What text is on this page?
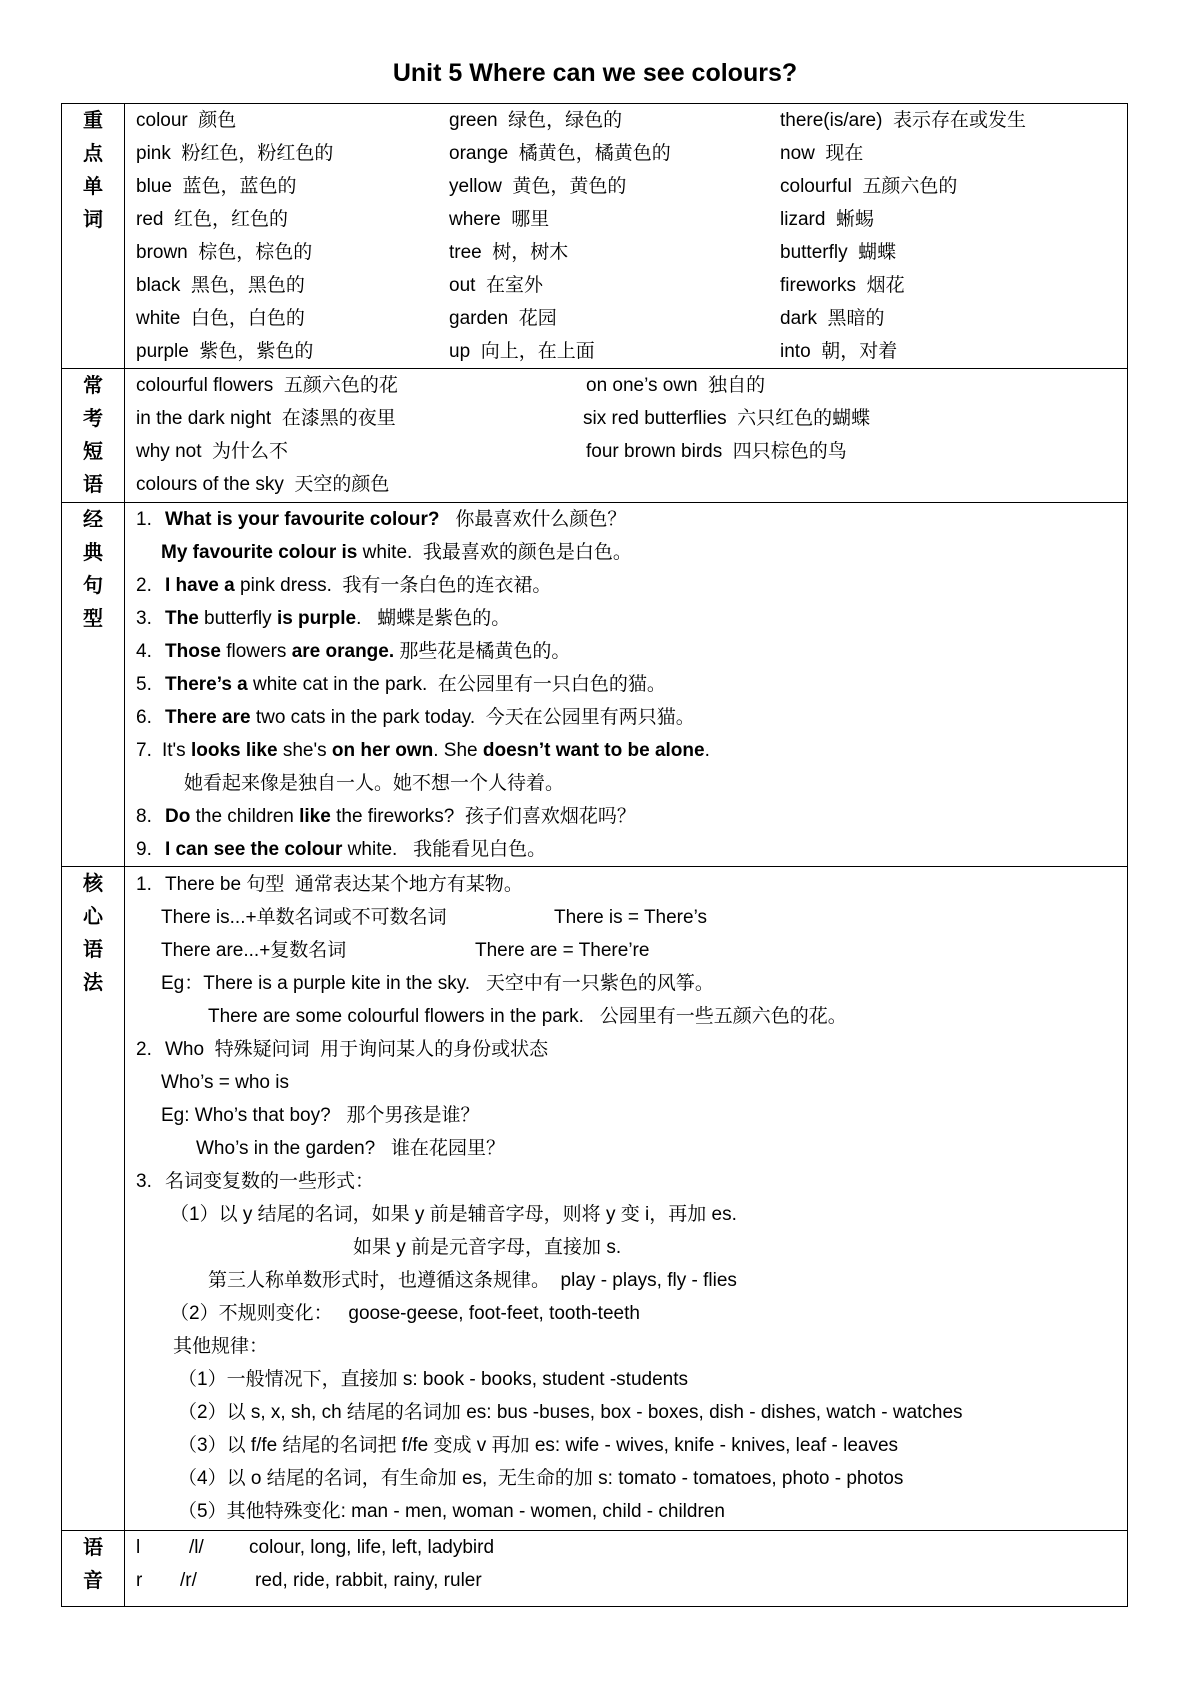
Unit 5 Where can we see colours?
重
点
单
词
colour  颜色	green  绿色，绿色的	there(is/are)  表示存在或发生
pink  粉红色，粉红色的	orange  橘黄色，橘黄色的	now  现在
blue  蓝色，蓝色的	yellow  黄色，黄色的	colourful  五颜六色的
red  红色，红色的	where  哪里	lizard  蜥蜴
brown  棕色，棕色的	tree  树，树木	butterfly  蝴蝶
black  黑色，黑色的	out  在室外	fireworks  烟花
white  白色，白色的	garden  花园	dark  黑暗的
purple  紫色，紫色的	up  向上，在上面	into  朝，对着
常
考
短
语
colourful flowers  五颜六色的花	on one’s own  独自的
in the dark night  在漆黑的夜里	six red butterflies  六只红色的蝴蝶
why not  为什么不	four brown birds  四只棕色的鸟
colours of the sky  天空的颜色
经
典
句
型
1. What is your favourite colour? 你最喜欢什么颜色？
My favourite colour is white.  我最喜欢的颜色是白色。
2. I have a pink dress.  我有一条白色的连衣裙。
3. The butterfly is purple .   蝴蝶是紫色的。
4. Those flowers are orange. 那些花是橘黄色的。
5. There’s a white cat in the park.  在公园里有一只白色的猫。
6. There are two cats in the park today.  今天在公园里有两只猫。
7. It's looks like she's on her own . She doesn’t want to be alone .
她看起来像是独自一人。她不想一个人待着。
8. Do the children like the fireworks?  孩子们喜欢烟花吗？
9. I can see the colour white.   我能看见白色。
核
心
语
法
1. There be 句型  通常表达某个地方有某物。
There is...+单数名词或不可数名词	There is = There’s
There are...+复数名词	There are = There’re
Eg：There is a purple kite in the sky.   天空中有一只紫色的风筝。
There are some colourful flowers in the park.   公园里有一些五颜六色的花。
2. Who  特殊疑问词  用于询问某人的身份或状态
Who’s = who is
Eg: Who’s that boy?   那个男孩是谁？
Who’s in the garden?   谁在花园里？
3. 名词变复数的一些形式：
（1）以 y 结尾的名词，如果 y 前是辅音字母，则将 y 变 i，再加 es.
如果 y 前是元音字母，直接加 s.
第三人称单数形式时，也遵循这条规律。  play - plays, fly - flies
（2）不规则变化：   goose-geese, foot-feet, tooth-teeth
其他规律：
（1）一般情况下，直接加 s: book - books, student -students
（2）以 s, x, sh, ch 结尾的名词加 es: bus -buses, box - boxes, dish - dishes, watch - watches
（3）以 f/fe 结尾的名词把 f/fe 变成 v 再加 es: wife - wives, knife - knives, leaf - leaves
（4）以 o 结尾的名词，有生命加 es,  无生命的加 s: tomato - tomatoes, photo - photos
（5）其他特殊变化: man - men, woman - women, child - children
语
音
l	/l/ colour, long, life, left, ladybird
r /r/	red, ride, rabbit, rainy, ruler
